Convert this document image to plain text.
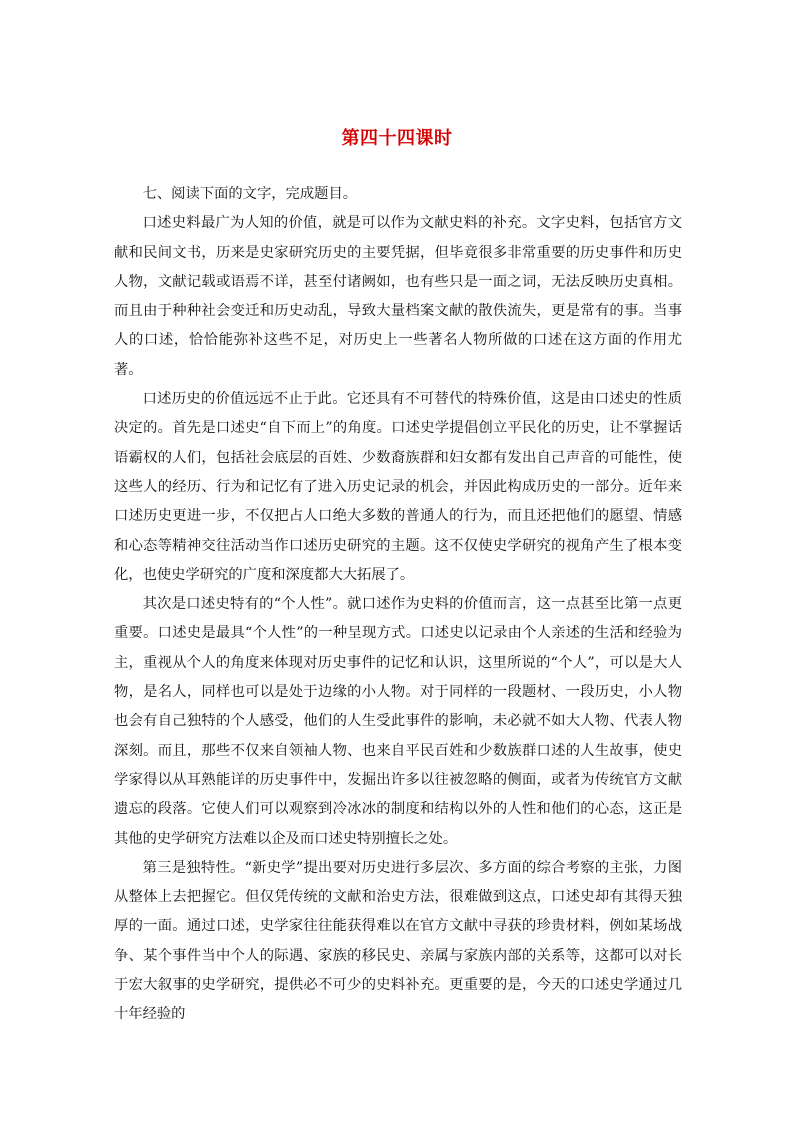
第四十四课时

七、阅读下面的文字，完成题目。

口述史料最广为人知的价值，就是可以作为文献史料的补充。文字史料，包括官方文献和民间文书，历来是史家研究历史的主要凭据，但毕竟很多非常重要的历史事件和历史人物，文献记载或语焉不详，甚至付诸阙如，也有些只是一面之词，无法反映历史真相。而且由于种种社会变迁和历史动乱，导致大量档案文献的散佚流失，更是常有的事。当事人的口述，恰恰能弥补这些不足，对历史上一些著名人物所做的口述在这方面的作用尤著。

口述历史的价值远远不止于此。它还具有不可替代的特殊价值，这是由口述史的性质决定的。首先是口述史“自下而上”的角度。口述史学提倡创立平民化的历史，让不掌握话语霸权的人们，包括社会底层的百姓、少数裔族群和妇女都有发出自己声音的可能性，使这些人的经历、行为和记忆有了进入历史记录的机会，并因此构成历史的一部分。近年来口述历史更进一步，不仅把占人口绝大多数的普通人的行为，而且还把他们的愿望、情感和心态等精神交往活动当作口述历史研究的主题。这不仅使史学研究的视角产生了根本变化，也使史学研究的广度和深度都大大拓展了。

其次是口述史特有的“个人性”。就口述作为史料的价值而言，这一点甚至比第一点更重要。口述史是最具“个人性”的一种呈现方式。口述史以记录由个人亲述的生活和经验为主，重视从个人的角度来体现对历史事件的记忆和认识，这里所说的“个人”，可以是大人物，是名人，同样也可以是处于边缘的小人物。对于同样的一段题材、一段历史，小人物也会有自己独特的个人感受，他们的人生受此事件的影响，未必就不如大人物、代表人物深刻。而且，那些不仅来自领袖人物、也来自平民百姓和少数族群口述的人生故事，使史学家得以从耳熟能详的历史事件中，发掘出许多以往被忽略的侧面，或者为传统官方文献遗忘的段落。它使人们可以观察到冷冰冰的制度和结构以外的人性和他们的心态，这正是其他的史学研究方法难以企及而口述史特别擅长之处。

第三是独特性。“新史学”提出要对历史进行多层次、多方面的综合考察的主张，力图从整体上去把握它。但仅凭传统的文献和治史方法，很难做到这点，口述史却有其得天独厚的一面。通过口述，史学家往往能获得难以在官方文献中寻获的珍贵材料，例如某场战争、某个事件当中个人的际遇、家族的移民史、亲属与家族内部的关系等，这都可以对长于宏大叙事的史学研究，提供必不可少的史料补充。更重要的是，今天的口述史学通过几十年经验的
